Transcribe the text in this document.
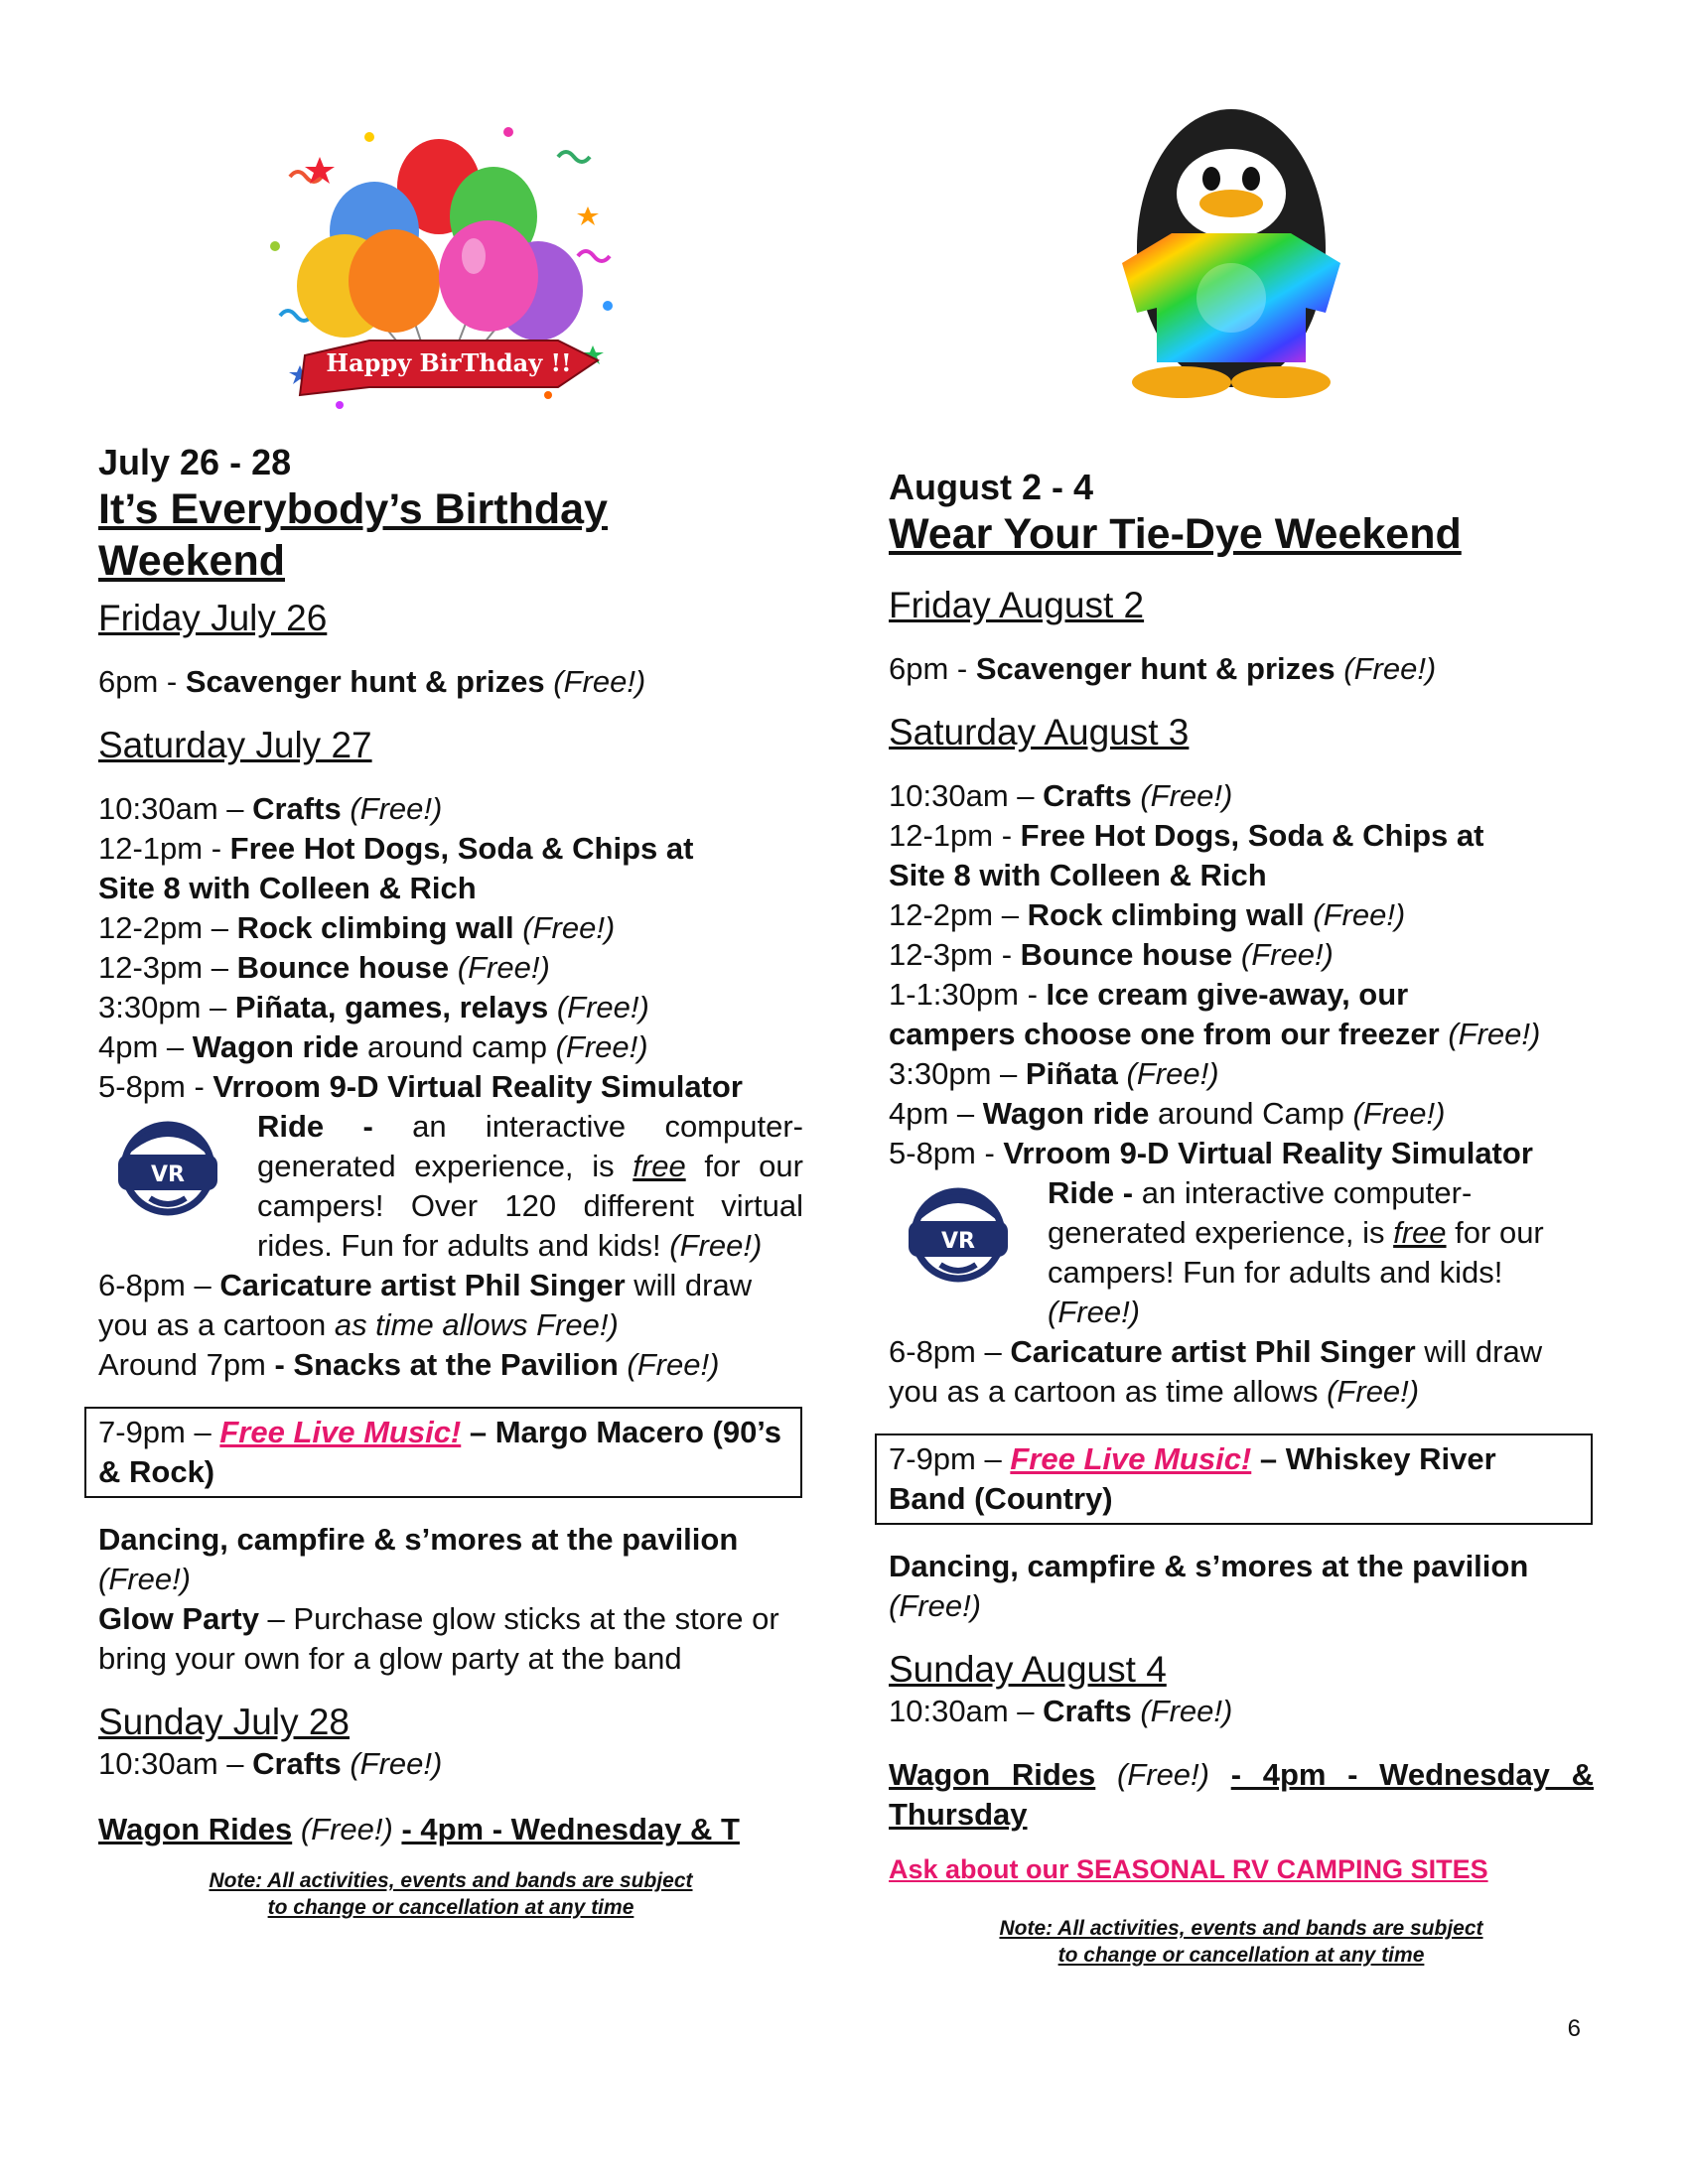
Happy BirThday !!
July 26 - 28
It’s Everybody’s Birthday
Weekend
Friday July 26

6pm - Scavenger hunt & prizes (Free!)

Saturday July 27

10:30am – Crafts (Free!)

12-1pm - Free Hot Dogs, Soda & Chips at
Site 8 with Colleen & Rich

12-2pm – Rock climbing wall (Free!)

12-3pm – Bounce house (Free!)

3:30pm – Piñata, games, relays (Free!)

4pm – Wagon ride around camp (Free!)

5-8pm - Vrroom 9-D Virtual Reality Simulator

VR

Ride - an interactive computer-generated experience, is free for our campers! Over 120 different virtual rides. Fun for adults and kids! (Free!)

6-8pm – Caricature artist Phil Singer will draw you as a cartoon as time allows Free!)

Around 7pm - Snacks at the Pavilion (Free!)

7-9pm – Free Live Music! – Margo Macero (90’s & Rock)

Dancing, campfire & s’mores at the pavilion
(Free!)

Glow Party – Purchase glow sticks at the store or bring your own for a glow party at the band

Sunday July 28

10:30am – Crafts (Free!)

Wagon Rides (Free!) - 4pm - Wednesday & T

Note: All activities, events and bands are subject
to change or cancellation at any time
August 2 - 4
Wear Your Tie-Dye Weekend
Friday August 2

6pm - Scavenger hunt & prizes (Free!)

Saturday August 3

10:30am – Crafts (Free!)

12-1pm - Free Hot Dogs, Soda & Chips at
Site 8 with Colleen & Rich

12-2pm – Rock climbing wall (Free!)

12-3pm - Bounce house (Free!)

1-1:30pm - Ice cream give-away, our
campers choose one from our freezer (Free!)

3:30pm – Piñata (Free!)

4pm – Wagon ride around Camp (Free!)

5-8pm - Vrroom 9-D Virtual Reality Simulator

VR

Ride - an interactive computer-generated experience, is free for our campers! Fun for adults and kids! (Free!)

6-8pm – Caricature artist Phil Singer will draw you as a cartoon as time allows (Free!)

7-9pm – Free Live Music! – Whiskey River Band (Country)

Dancing, campfire & s’mores at the pavilion
(Free!)

Sunday August 4

10:30am – Crafts (Free!)

Wagon Rides (Free!) - 4pm - Wednesday & Thursday

Ask about our SEASONAL RV CAMPING SITES
Note: All activities, events and bands are subject
to change or cancellation at any time
6
